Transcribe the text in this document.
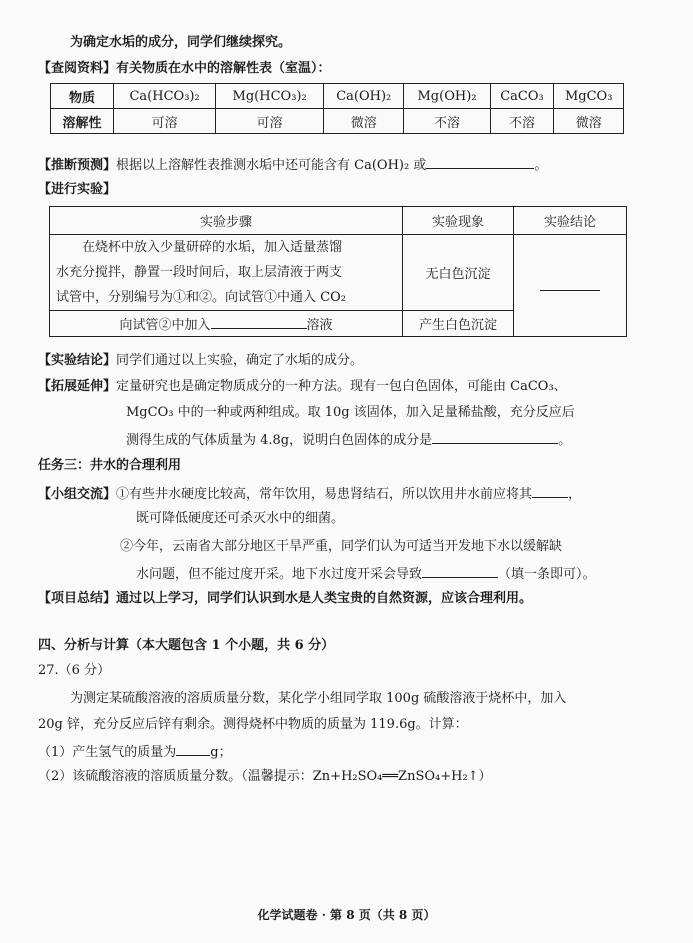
为确定水垢的成分，同学们继续探究。
【查阅资料】有关物质在水中的溶解性表（室温）：
物质	Ca(HCO₃)₂	Mg(HCO₃)₂	Ca(OH)₂	Mg(OH)₂	CaCO₃	MgCO₃
溶解性	可溶	可溶	微溶	不溶	不溶	微溶
【推断预测】根据以上溶解性表推测水垢中还可能含有 Ca(OH)₂ 或	。
【进行实验】
实验步骤	实验现象	实验结论

在烧杯中放入少量研碎的水垢，加入适量蒸馏
水充分搅拌，静置一段时间后，取上层清液于两支
试管中，分别编号为①和②。向试管①中通入 CO₂	无白色沉淀	
向试管②中加入 溶液	产生白色沉淀	
【实验结论】同学们通过以上实验，确定了水垢的成分。
【拓展延伸】定量研究也是确定物质成分的一种方法。现有一包白色固体，可能由 CaCO₃、
MgCO₃ 中的一种或两种组成。取 10g 该固体，加入足量稀盐酸，充分反应后
测得生成的气体质量为 4.8g，说明白色固体的成分是	。
任务三：井水的合理利用
【小组交流】①有些井水硬度比较高，常年饮用，易患肾结石，所以饮用井水前应将其	，
既可降低硬度还可杀灭水中的细菌。
②今年，云南省大部分地区干旱严重，同学们认为可适当开发地下水以缓解缺
水问题，但不能过度开采。地下水过度开采会导致	（填一条即可）。
【项目总结】通过以上学习，同学们认识到水是人类宝贵的自然资源，应该合理利用。
四、分析与计算（本大题包含 1 个小题，共 6 分）
27.（6 分）
为测定某硫酸溶液的溶质质量分数，某化学小组同学取 100g 硫酸溶液于烧杯中，加入
20g 锌，充分反应后锌有剩余。测得烧杯中物质的质量为 119.6g。计算：
（1）产生氢气的质量为	g；
（2）该硫酸溶液的溶质质量分数。（温馨提示：Zn+H₂SO₄══ZnSO₄+H₂↑）
化学试题卷 · 第 8 页（共 8 页）
